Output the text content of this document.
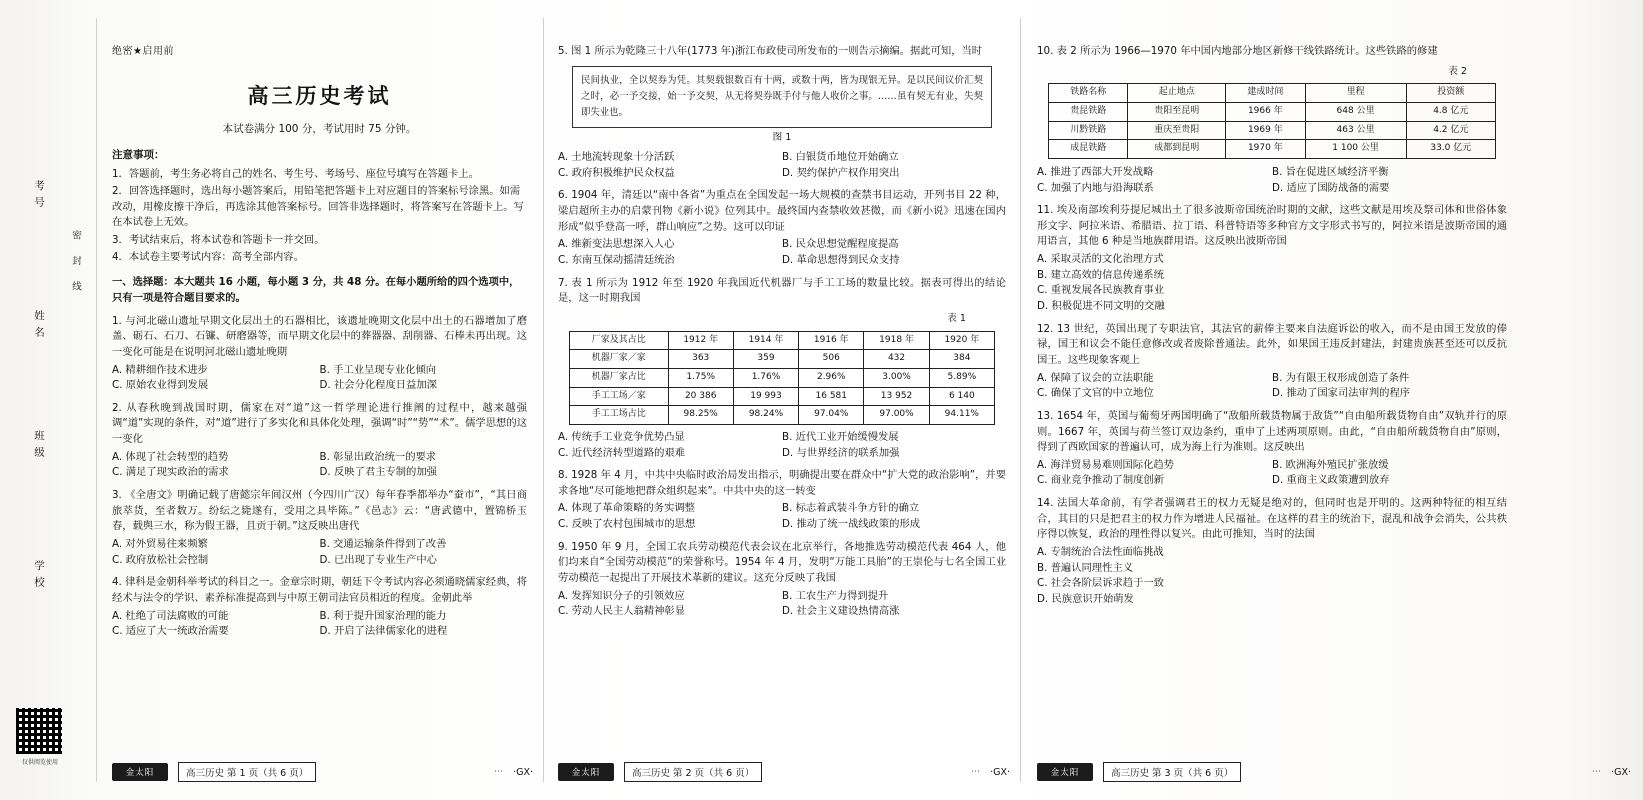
考号
姓名
班级
学校
密封线
仅供阅览使用
绝密★启用前
高三历史考试
本试卷满分 100 分，考试用时 75 分钟。
注意事项：
1．答题前，考生务必将自己的姓名、考生号、考场号、座位号填写在答题卡上。
2．回答选择题时，选出每小题答案后，用铅笔把答题卡上对应题目的答案标号涂黑。如需改动，用橡皮擦干净后，再选涂其他答案标号。回答非选择题时，将答案写在答题卡上。写在本试卷上无效。
3．考试结束后，将本试卷和答题卡一并交回。
4．本试卷主要考试内容：高考全部内容。
一、选择题：本大题共 16 小题，每小题 3 分，共 48 分。在每小题所给的四个选项中，只有一项是符合题目要求的。
1. 与河北磁山遗址早期文化层出土的石器相比，该遗址晚期文化层中出土的石器增加了磨盖、砺石、石刀、石镰、研磨器等，而早期文化层中的葬器器、刮削器、石棒未再出现。这一变化可能是在说明河北磁山遗址晚期
A. 精耕细作技术进步	B. 手工业呈现专业化倾向
C. 原始农业得到发展	D. 社会分化程度日益加深
2. 从春秋晚到战国时期，儒家在对“道”这一哲学理论进行推阐的过程中，越来越强调“道”实现的条件，对“道”进行了多实化和具体化处理，强调“时”“势”“术”。儒学思想的这一变化
A. 体现了社会转型的趋势	B. 彰显出政治统一的要求
C. 满足了现实政治的需求	D. 反映了君主专制的加强
3. 《全唐文》明确记载了唐懿宗年间汉州（今四川广汉）每年春季都举办“蚕市”，“其日商旅萃货，至者数万。纷纭之毙遂有，受用之具毕陈。”《邑志》云：“唐武德中，置锦桥玉春，载舆三水，称为假王器，且贡于朝。”这反映出唐代
A. 对外贸易往来频繁	B. 交通运输条件得到了改善
C. 政府放松社会控制	D. 已出现了专业生产中心
4. 律科是金朝科举考试的科目之一。金章宗时期，朝廷下令考试内容必须通晓儒家经典，将经术与法令的学识、素养标准提高到与中原王朝司法官员相近的程度。金朝此举
A. 杜绝了司法腐败的可能	B. 利于提升国家治理的能力
C. 适应了大一统政治需要	D. 开启了法律儒家化的进程
金太阳	高三历史 第 1 页（共 6 页）	⋯ ·GX·
5. 图 1 所示为乾隆三十八年(1773 年)浙江布政使司所发布的一则告示摘编。据此可知，当时
民间执业，全以契券为凭。其契载银数百有十两，或数十两，皆为现银无异。是以民间议价汇契之时，必一予交接，始一予交契，从无将契券既手付与他人收价之事。……虽有契无有业，失契即失业也。
图 1
A. 土地流转现象十分活跃	B. 白银货币地位开始确立
C. 政府积极维护民众权益	D. 契约保护产权作用突出
6. 1904 年，清廷以“南中各省”为重点在全国发起一场大规模的查禁书目运动，开列书目 22 种，梁启超所主办的启蒙刊物《新小说》位列其中。最终国内查禁收效甚微，而《新小说》迅速在国内形成“似乎登高一呼，群山响应”之势。这可以印证
A. 维新变法思想深入人心	B. 民众思想觉醒程度提高
C. 东南互保动摇清廷统治	D. 革命思想得到民众支持
7. 表 1 所示为 1912 年至 1920 年我国近代机器厂与手工工场的数量比较。据表可得出的结论是，这一时期我国
表 1
厂家及其占比	1912 年	1914 年	1916 年	1918 年	1920 年
机器厂家／家	363	359	506	432	384
机器厂家占比	1.75%	1.76%	2.96%	3.00%	5.89%
手工工场／家	20 386	19 993	16 581	13 952	6 140
手工工场占比	98.25%	98.24%	97.04%	97.00%	94.11%
A. 传统手工业竞争优势凸显	B. 近代工业开始缓慢发展
C. 近代经济转型道路的艰难	D. 与世界经济的联系加强
8. 1928 年 4 月，中共中央临时政治局发出指示，明确提出要在群众中“扩大党的政治影响”，并要求各地“尽可能地把群众组织起来”。中共中央的这一转变
A. 体现了革命策略的务实调整	B. 标志着武装斗争方针的确立
C. 反映了农村包围城市的思想	D. 推动了统一战线政策的形成
9. 1950 年 9 月，全国工农兵劳动模范代表会议在北京举行，各地推选劳动模范代表 464 人，他们均来自“全国劳动模范”的荣誉称号。1954 年 4 月，发明“万能工具胎”的王崇伦与七名全国工业劳动模范一起提出了开展技术革新的建议。这充分反映了我国
A. 发挥知识分子的引领效应	B. 工农生产力得到提升
C. 劳动人民主人翁精神彰显	D. 社会主义建设热情高涨
金太阳	高三历史 第 2 页（共 6 页）	⋯ ·GX·
10. 表 2 所示为 1966—1970 年中国内地部分地区新修干线铁路统计。这些铁路的修建
表 2
铁路名称	起止地点	建成时间	里程	投资额
贵昆铁路	贵阳至昆明	1966 年	648 公里	4.8 亿元
川黔铁路	重庆至贵阳	1969 年	463 公里	4.2 亿元
成昆铁路	成都到昆明	1970 年	1 100 公里	33.0 亿元
A. 推进了西部大开发战略	B. 旨在促进区域经济平衡
C. 加强了内地与沿海联系	D. 适应了国防战备的需要
11. 埃及南部埃利芬提尼城出土了很多波斯帝国统治时期的文献，这些文献是用埃及祭司体和世俗体象形文字、阿拉米语、希腊语、拉丁语、科普特语等多种官方文字形式书写的，阿拉米语是波斯帝国的通用语言，其他 6 种是当地族群用语。这反映出波斯帝国
A. 采取灵活的文化治理方式
B. 建立高效的信息传递系统
C. 重视发展各民族教育事业
D. 积极促进不同文明的交融
12. 13 世纪，英国出现了专职法官，其法官的薪俸主要来自法庭诉讼的收入，而不是由国王发放的俸禄，国王和议会不能任意修改或者废除普通法。此外，如果国王违反封建法，封建贵族甚至还可以反抗国王。这些现象客观上
A. 保障了议会的立法职能	B. 为有限王权形成创造了条件
C. 确保了文官的中立地位	D. 推动了国家司法审判的程序
13. 1654 年，英国与葡萄牙两国明确了“敌船所载货物属于敌货”“自由船所载货物自由”双轨并行的原则。1667 年，英国与荷兰签订双边条约，重申了上述两项原则。由此，“自由船所载货物自由”原则，得到了西欧国家的普遍认可，成为海上行为准则。这反映出
A. 海洋贸易易难则国际化趋势	B. 欧洲海外殖民扩张放缓
C. 商业竞争推动了制度创新	D. 重商主义政策遭到放弃
14. 法国大革命前，有学者强调君王的权力无疑是绝对的，但同时也是开明的。这两种特征的相互结合，其目的只是把君主的权力作为增进人民福祉。在这样的君主的统治下，混乱和战争会消失，公共秩序得以恢复，政治的理性得以复兴。由此可推知，当时的法国
A. 专制统治合法性面临挑战
B. 普遍认同理性主义
C. 社会各阶层诉求趋于一致
D. 民族意识开始萌发
金太阳	高三历史 第 3 页（共 6 页）	⋯ ·GX·
